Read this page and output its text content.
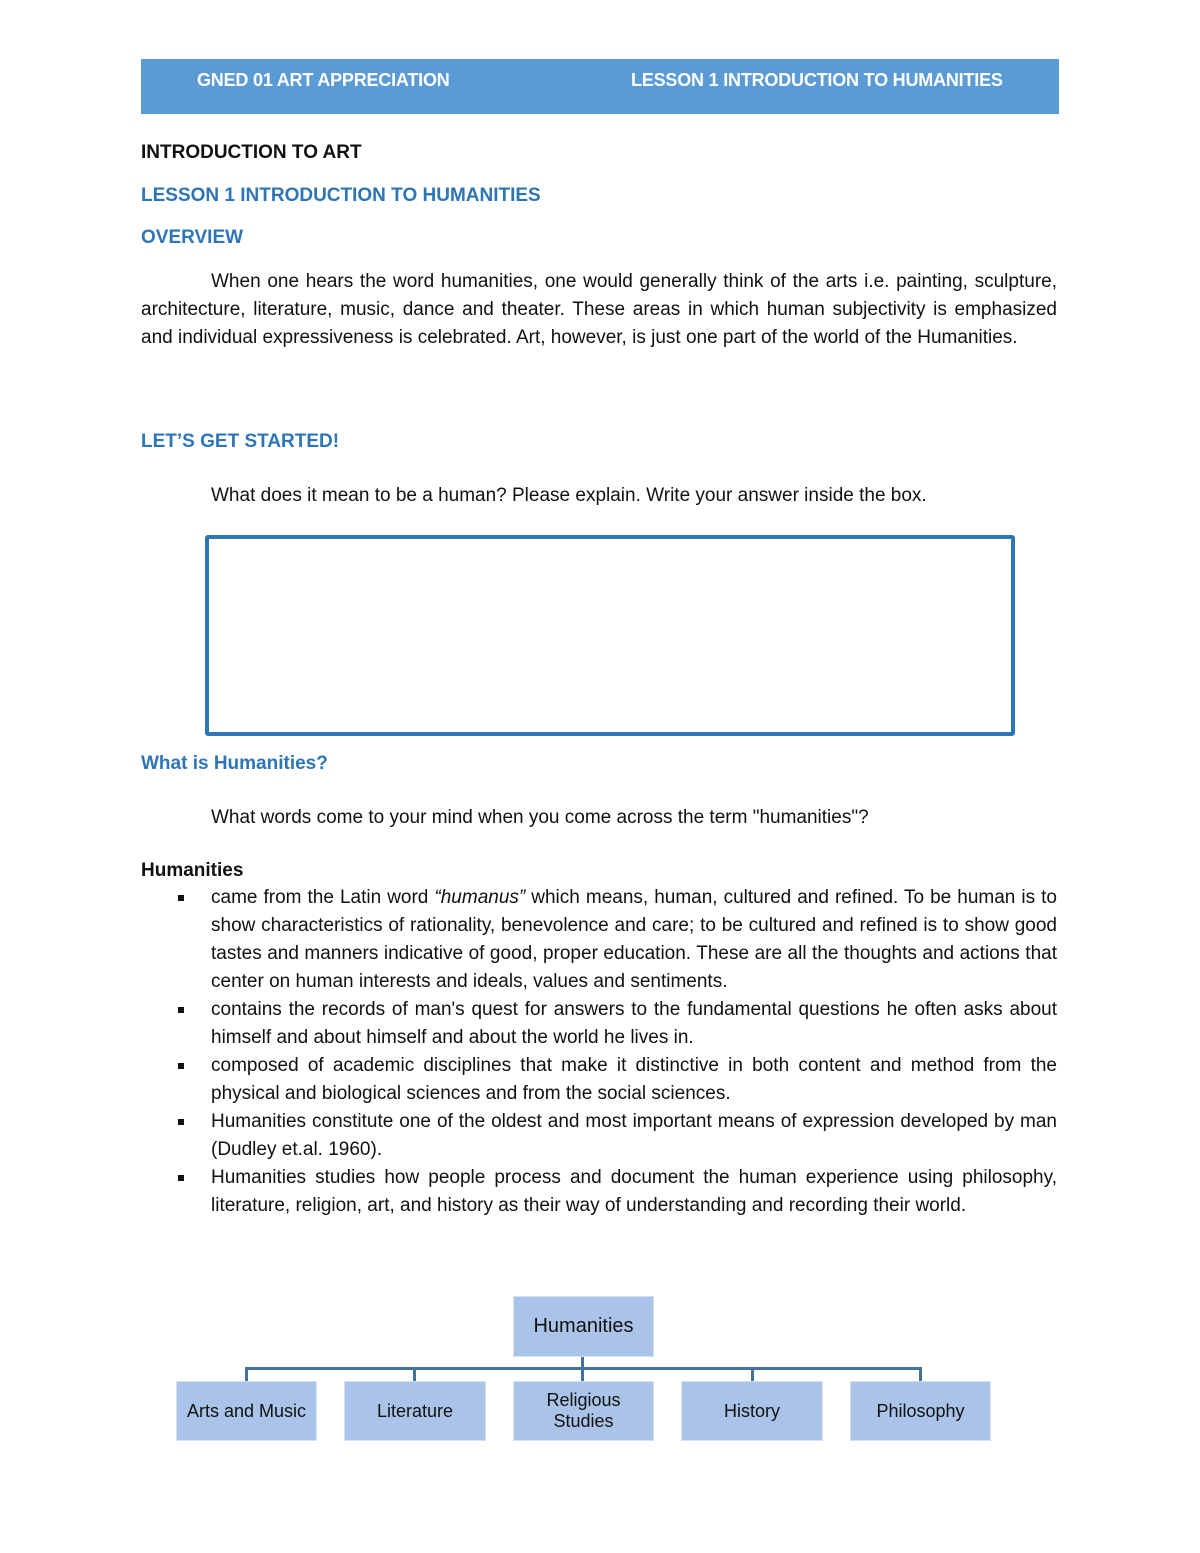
GNED 01 ART APPRECIATION	LESSON 1 INTRODUCTION TO HUMANITIES
INTRODUCTION TO ART
LESSON 1 INTRODUCTION TO HUMANITIES
OVERVIEW

When one hears the word humanities, one would generally think of the arts i.e. painting, sculpture, architecture, literature, music, dance and theater. These areas in which human subjectivity is emphasized and individual expressiveness is celebrated. Art, however, is just one part of the world of the Humanities.

LET’S GET STARTED!

What does it mean to be a human? Please explain. Write your answer inside the box.

What is Humanities?

What words come to your mind when you come across the term "humanities"?

Humanities

came from the Latin word “humanus” which means, human, cultured and refined. To be human is to show characteristics of rationality, benevolence and care; to be cultured and refined is to show good tastes and manners indicative of good, proper education. These are all the thoughts and actions that center on human interests and ideals, values and sentiments.
contains the records of man's quest for answers to the fundamental questions he often asks about himself and about himself and about the world he lives in.
composed of academic disciplines that make it distinctive in both content and method from the physical and biological sciences and from the social sciences.
Humanities constitute one of the oldest and most important means of expression developed by man (Dudley et.al. 1960).
Humanities studies how people process and document the human experience using philosophy, literature, religion, art, and history as their way of understanding and recording their world.
Humanities
Arts and Music	Literature
Religious Studies
History	Philosophy
